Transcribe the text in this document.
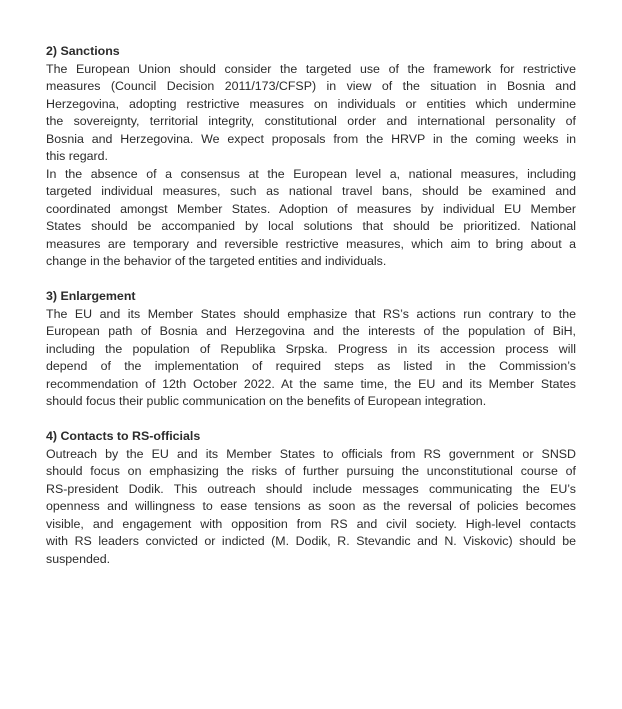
2) Sanctions
The European Union should consider the targeted use of the framework for restrictive
measures (Council Decision 2011/173/CFSP) in view of the situation in Bosnia and
Herzegovina, adopting restrictive measures on individuals or entities which undermine
the sovereignty, territorial integrity, constitutional order and international personality of
Bosnia and Herzegovina. We expect proposals from the HRVP in the coming weeks in
this regard.
In the absence of a consensus at the European level a, national measures, including
targeted individual measures, such as national travel bans, should be examined and
coordinated amongst Member States. Adoption of measures by individual EU Member
States should be accompanied by local solutions that should be prioritized. National
measures are temporary and reversible restrictive measures, which aim to bring about a
change in the behavior of the targeted entities and individuals.
3) Enlargement
The EU and its Member States should emphasize that RS’s actions run contrary to the
European path of Bosnia and Herzegovina and the interests of the population of BiH,
including the population of Republika Srpska. Progress in its accession process will
depend of the implementation of required steps as listed in the Commission’s
recommendation of 12th October 2022. At the same time, the EU and its Member States
should focus their public communication on the benefits of European integration.
4) Contacts to RS-officials
Outreach by the EU and its Member States to officials from RS government or SNSD
should focus on emphasizing the risks of further pursuing the unconstitutional course of
RS-president Dodik. This outreach should include messages communicating the EU’s
openness and willingness to ease tensions as soon as the reversal of policies becomes
visible, and engagement with opposition from RS and civil society. High-level contacts
with RS leaders convicted or indicted (M. Dodik, R. Stevandic and N. Viskovic) should be
suspended.
